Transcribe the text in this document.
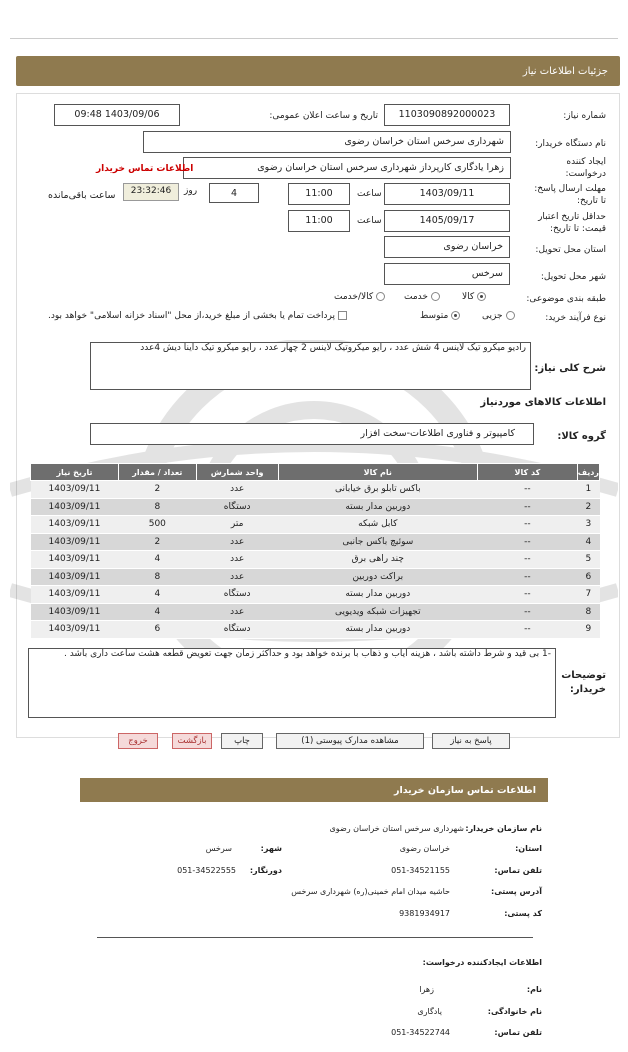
جزئیات اطلاعات نیاز
شماره نیاز:
1103090892000023
تاریخ و ساعت اعلان عمومی:
1403/09/06 09:48
نام دستگاه خریدار:
شهرداری سرخس استان خراسان رضوی
ایجاد کننده
درخواست:
زهرا یادگاری کارپرداز شهرداری سرخس استان خراسان رضوی
اطلاعات تماس خریدار
مهلت ارسال پاسخ:
تا تاریخ:
1403/09/11
ساعت
11:00
4
روز
23:32:46
ساعت باقی‌مانده
حداقل تاریخ اعتبار
قیمت: تا تاریخ:
1405/09/17
ساعت
11:00
استان محل تحویل:
خراسان رضوی
شهر محل تحویل:
سرخس
طبقه بندی موضوعی:
کالا
خدمت
کالا/خدمت
نوع فرآیند خرید:
جزیی
متوسط
پرداخت تمام یا بخشی از مبلغ خرید،از محل "اسناد خزانه اسلامی" خواهد بود.
شرح کلی نیاز:
رادیو میکرو تیک لاینس 4 شش عدد ، رایو میکروتیک لاینس 2 چهار عدد ، رایو میکرو تیک داینا دیش 4عدد
اطلاعات کالاهای موردنیاز
گروه کالا:
کامپیوتر و فناوری اطلاعات-سخت افزار
ردیف	کد کالا	نام کالا	واحد شمارش	تعداد / مقدار	تاریخ نیاز
1	--	باکس تابلو برق خیابانی	عدد	2	1403/09/11
2	--	دوربین مدار بسته	دستگاه	8	1403/09/11
3	--	کابل شبکه	متر	500	1403/09/11
4	--	سوئیچ باکس جانبی	عدد	2	1403/09/11
5	--	چند راهی برق	عدد	4	1403/09/11
6	--	براکت دوربین	عدد	8	1403/09/11
7	--	دوربین مدار بسته	دستگاه	4	1403/09/11
8	--	تجهیزات شبکه ویدیویی	عدد	4	1403/09/11
9	--	دوربین مدار بسته	دستگاه	6	1403/09/11
توضیحات
خریدار:
-1 بی قید و شرط داشته باشد ، هزینه ایاب و ذهاب با برنده خواهد بود و حداکثر زمان جهت تعویض قطعه هشت ساعت داری باشد .
پاسخ به نیاز
مشاهده مدارک پیوستی (1)
چاپ
بازگشت
خروج
اطلاعات تماس سازمان خریدار
نام سازمان خریدار:
شهرداری سرخس استان خراسان رضوی
استان:
خراسان رضوی
شهر:
سرخس
تلفن تماس:
051-34521155
دورنگار:
051-34522555
آدرس پستی:
حاشیه میدان امام خمینی(ره) شهرداری سرخس
کد پستی:
9381934917
اطلاعات ایجادکننده درخواست:
نام:
زهرا
نام خانوادگی:
یادگاری
تلفن تماس:
051-34522744
